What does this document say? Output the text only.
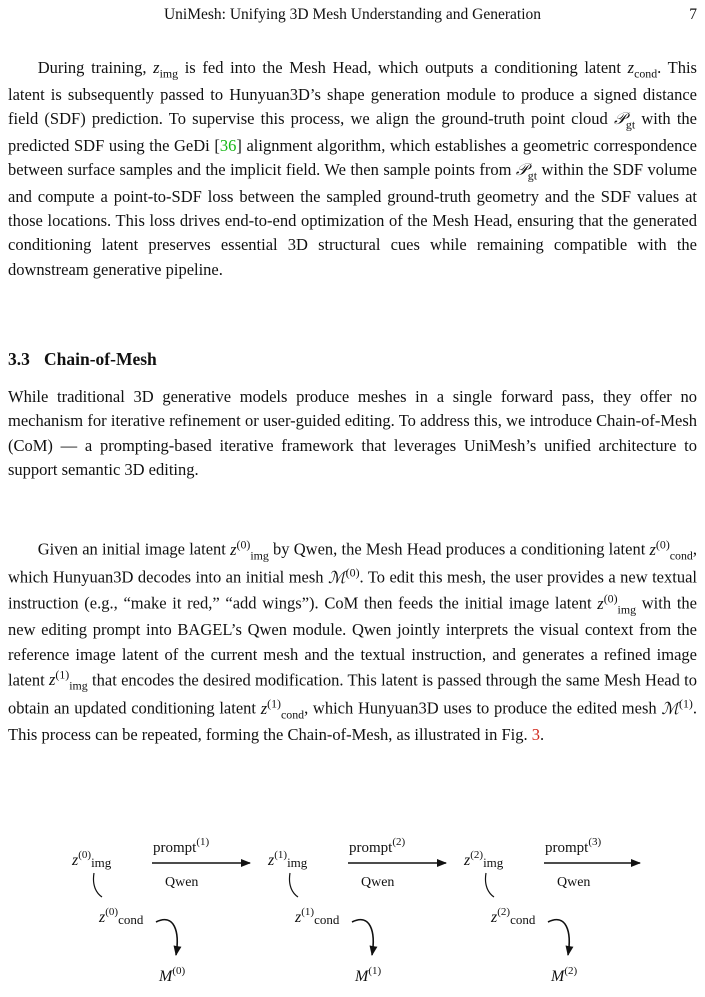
UniMesh: Unifying 3D Mesh Understanding and Generation	7

During training, $z_{img}$ is fed into the Mesh Head, which outputs a conditioning latent $z_{cond}$. This latent is subsequently passed to Hunyuan3D’s shape generation module to produce a signed distance field (SDF) prediction. To supervise this process, we align the ground-truth point cloud 𝒫$_{gt}$ with the predicted SDF using the GeDi [36] alignment algorithm, which establishes a geometric correspondence between surface samples and the implicit field. We then sample points from 𝒫$_{gt}$ within the SDF volume and compute a point-to-SDF loss between the sampled ground-truth geometry and the SDF values at those locations. This loss drives end-to-end optimization of the Mesh Head, ensuring that the generated conditioning latent preserves essential 3D structural cues while remaining compatible with the downstream generative pipeline.

3.3 Chain-of-Mesh

While traditional 3D generative models produce meshes in a single forward pass, they offer no mechanism for iterative refinement or user-guided editing. To address this, we introduce Chain-of-Mesh (CoM) — a prompting-based iterative framework that leverages UniMesh’s unified architecture to support semantic 3D editing.

Given an initial image latent $z^{(0)}_{img}$ by Qwen, the Mesh Head produces a conditioning latent $z^{(0)}_{cond}$, which Hunyuan3D decodes into an initial mesh ℳ$^{(0)}$. To edit this mesh, the user provides a new textual instruction (e.g., “make it red,” “add wings”). CoM then feeds the initial image latent $z^{(0)}_{img}$ with the new editing prompt into BAGEL’s Qwen module. Qwen jointly interprets the visual context from the reference image latent of the current mesh and the textual instruction, and generates a refined image latent $z^{(1)}_{img}$ that encodes the desired modification. This latent is passed through the same Mesh Head to obtain an updated conditioning latent $z^{(1)}_{cond}$, which Hunyuan3D uses to produce the edited mesh ℳ$^{(1)}$. This process can be repeated, forming the Chain-of-Mesh, as illustrated in Fig. 3.

$z^{(0)}_{img}$
prompt$^{(1)}$
Qwen
$z^{(0)}_{cond}$
$M^{(0)}$
$z^{(1)}_{img}$
prompt$^{(2)}$
Qwen
$z^{(1)}_{cond}$
$M^{(1)}$
$z^{(2)}_{img}$
prompt$^{(3)}$
Qwen
$z^{(2)}_{cond}$
$M^{(2)}$
